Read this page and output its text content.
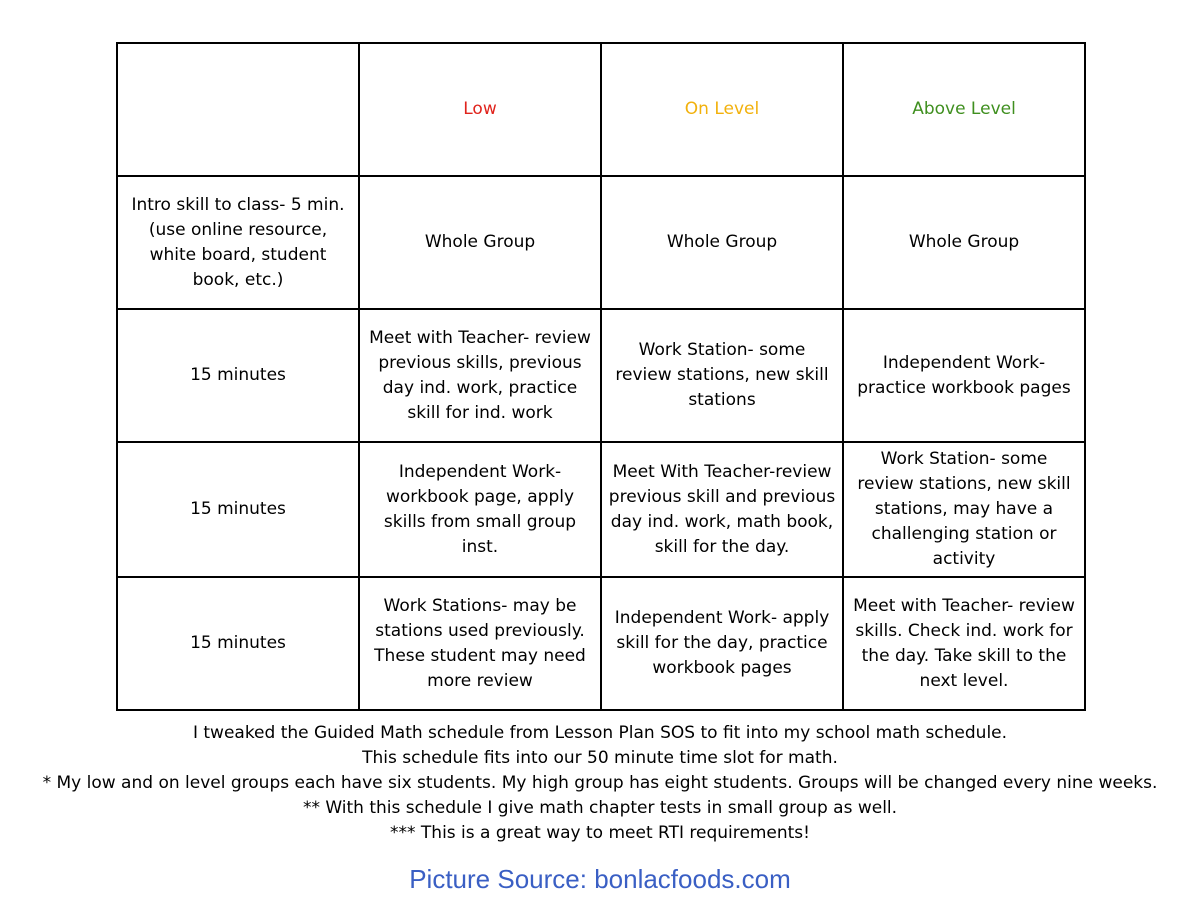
	Low	On Level	Above Level
Intro skill to class- 5 min. (use online resource, white board, student book, etc.)	Whole Group	Whole Group	Whole Group
15 minutes	Meet with Teacher- review previous skills, previous day ind. work, practice skill for ind. work	Work Station- some review stations, new skill stations	Independent Work- practice workbook pages
15 minutes	Independent Work- workbook page, apply skills from small group inst.	Meet With Teacher-review previous skill and previous day ind. work, math book, skill for the day.	Work Station- some review stations, new skill stations, may have a challenging station or activity
15 minutes	Work Stations- may be stations used previously. These student may need more review	Independent Work- apply skill for the day, practice workbook pages	Meet with Teacher- review skills. Check ind. work for the day. Take skill to the next level.
I tweaked the Guided Math schedule from Lesson Plan SOS to fit into my school math schedule.
This schedule fits into our 50 minute time slot for math.
* My low and on level groups each have six students. My high group has eight students. Groups will be changed every nine weeks.
** With this schedule I give math chapter tests in small group as well.
*** This is a great way to meet RTI requirements!
Picture Source: bonlacfoods.com
